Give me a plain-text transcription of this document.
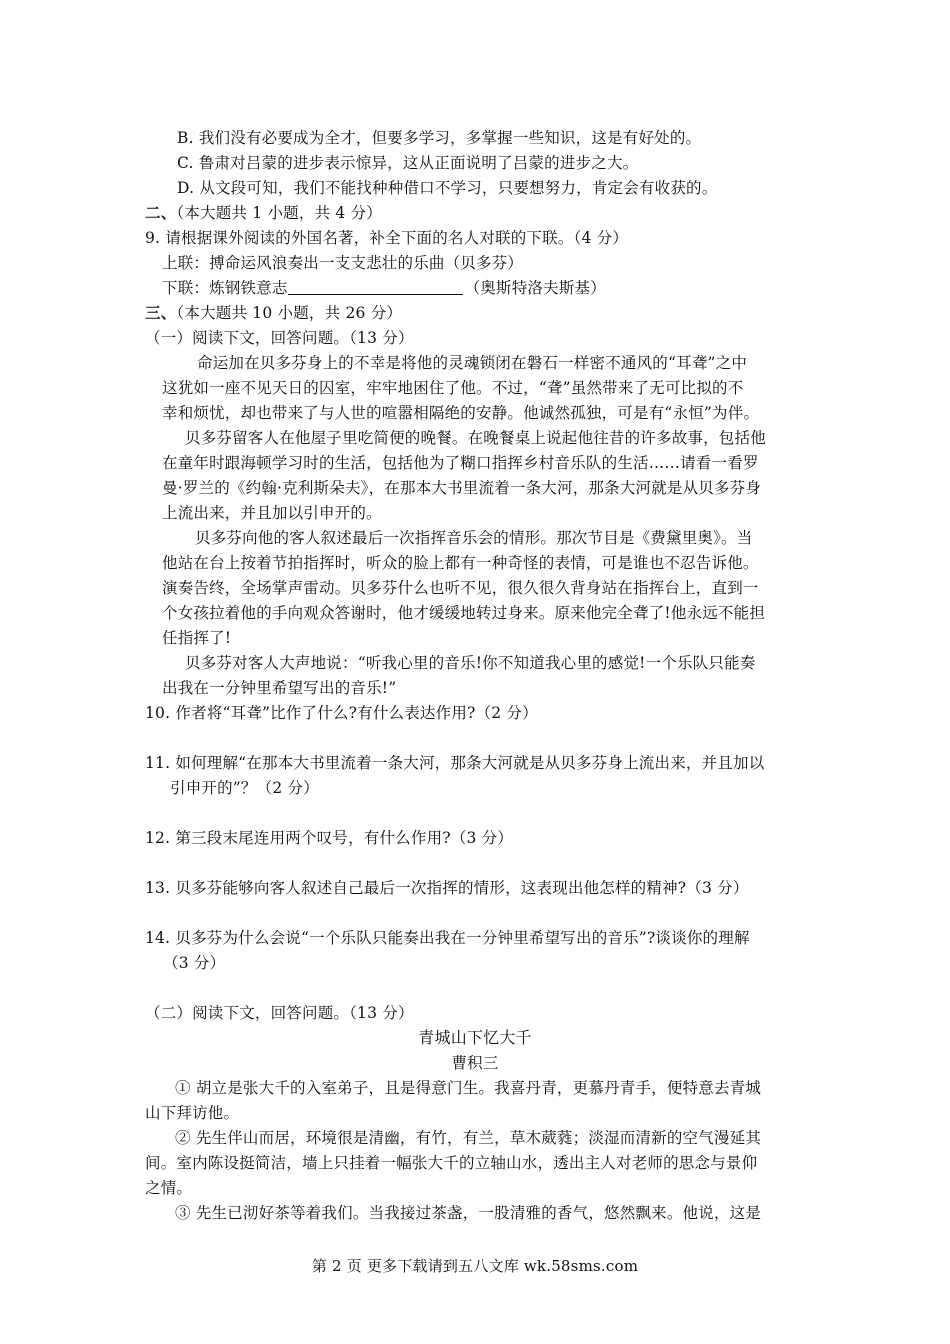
B. 我们没有必要成为全才，但要多学习，多掌握一些知识，这是有好处的。
C. 鲁肃对吕蒙的进步表示惊异，这从正面说明了吕蒙的进步之大。
D. 从文段可知，我们不能找种种借口不学习，只要想努力，肯定会有收获的。
二、（本大题共 1 小题，共 4 分）
9. 请根据课外阅读的外国名著，补全下面的名人对联的下联。（4 分）
上联：搏命运风浪奏出一支支悲壮的乐曲（贝多芬）
下联：炼钢铁意志	（奥斯特洛夫斯基）
三、（本大题共 10 小题，共 26 分）
（一）阅读下文，回答问题。（13 分）
命运加在贝多芬身上的不幸是将他的灵魂锁闭在磐石一样密不通风的“耳聋”之中
这犹如一座不见天日的囚室，牢牢地困住了他。不过，“聋”虽然带来了无可比拟的不
幸和烦忧，却也带来了与人世的喧嚣相隔绝的安静。他诚然孤独，可是有“永恒”为伴。
贝多芬留客人在他屋子里吃简便的晚餐。在晚餐桌上说起他往昔的许多故事，包括他
在童年时跟海顿学习时的生活，包括他为了糊口指挥乡村音乐队的生活……请看一看罗
曼·罗兰的《约翰·克利斯朵夫》，在那本大书里流着一条大河，那条大河就是从贝多芬身
上流出来，并且加以引申开的。
贝多芬向他的客人叙述最后一次指挥音乐会的情形。那次节目是《费黛里奥》。当
他站在台上按着节拍指挥时，听众的脸上都有一种奇怪的表情，可是谁也不忍告诉他。
演奏告终，全场掌声雷动。贝多芬什么也听不见，很久很久背身站在指挥台上，直到一
个女孩拉着他的手向观众答谢时，他才缓缓地转过身来。原来他完全聋了!他永远不能担
任指挥了!
贝多芬对客人大声地说：“听我心里的音乐!你不知道我心里的感觉!一个乐队只能奏
出我在一分钟里希望写出的音乐!”
10. 作者将“耳聋”比作了什么?有什么表达作用?（2 分）
11. 如何理解“在那本大书里流着一条大河，那条大河就是从贝多芬身上流出来，并且加以
引申开的”？（2 分）
12. 第三段末尾连用两个叹号，有什么作用?（3 分）
13. 贝多芬能够向客人叙述自己最后一次指挥的情形，这表现出他怎样的精神?（3 分）
14. 贝多芬为什么会说“一个乐队只能奏出我在一分钟里希望写出的音乐”?谈谈你的理解
（3 分）
（二）阅读下文，回答问题。（13 分）
青城山下忆大千
曹积三
① 胡立是张大千的入室弟子，且是得意门生。我喜丹青，更慕丹青手，便特意去青城
山下拜访他。
② 先生伴山而居，环境很是清幽，有竹，有兰，草木葳蕤；淡湿而清新的空气漫延其
间。室内陈设挺简洁，墙上只挂着一幅张大千的立轴山水，透出主人对老师的思念与景仰
之情。
③ 先生已沏好茶等着我们。当我接过茶盏，一股清雅的香气，悠然飘来。他说，这是
第 2 页 更多下载请到五八文库 wk.58sms.com
